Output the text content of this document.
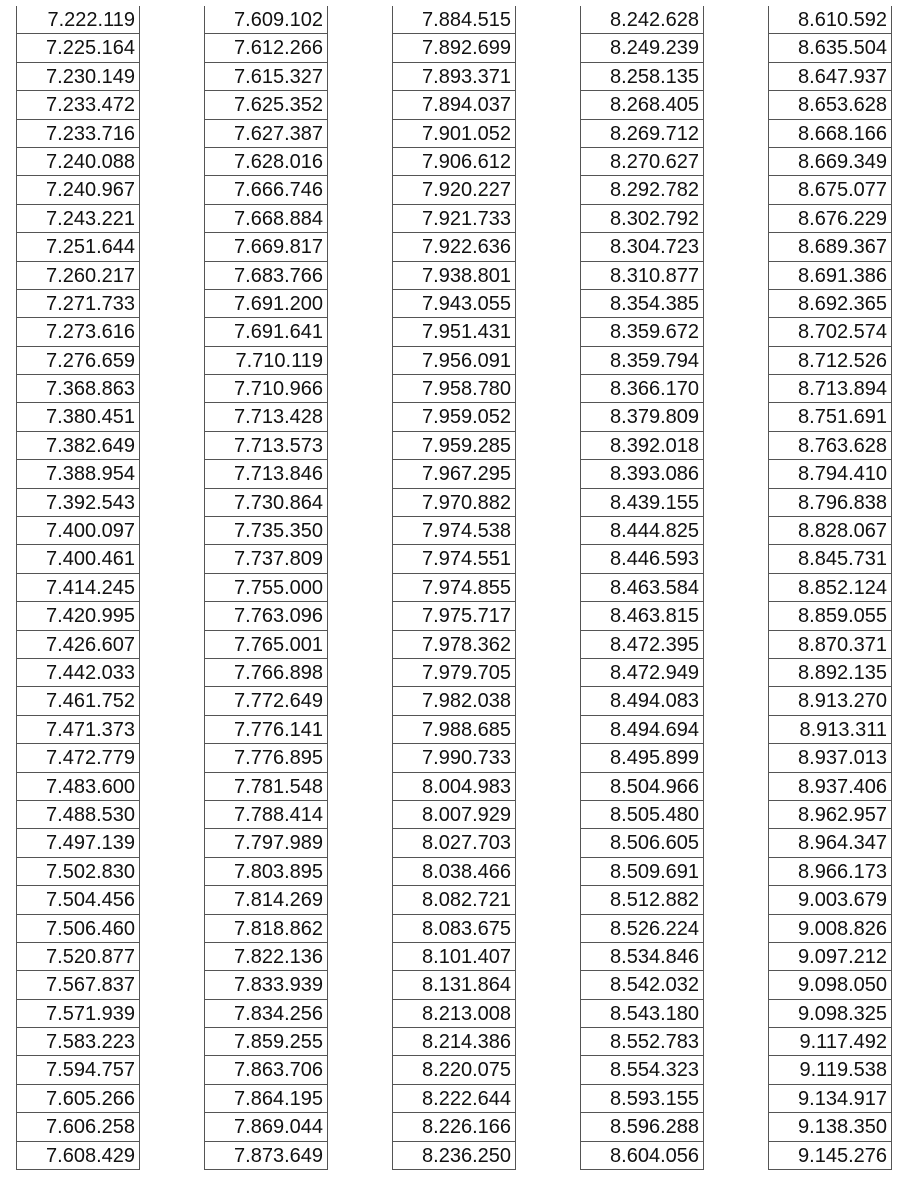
7.222.119
7.225.164
7.230.149
7.233.472
7.233.716
7.240.088
7.240.967
7.243.221
7.251.644
7.260.217
7.271.733
7.273.616
7.276.659
7.368.863
7.380.451
7.382.649
7.388.954
7.392.543
7.400.097
7.400.461
7.414.245
7.420.995
7.426.607
7.442.033
7.461.752
7.471.373
7.472.779
7.483.600
7.488.530
7.497.139
7.502.830
7.504.456
7.506.460
7.520.877
7.567.837
7.571.939
7.583.223
7.594.757
7.605.266
7.606.258
7.608.429
7.609.102
7.612.266
7.615.327
7.625.352
7.627.387
7.628.016
7.666.746
7.668.884
7.669.817
7.683.766
7.691.200
7.691.641
7.710.119
7.710.966
7.713.428
7.713.573
7.713.846
7.730.864
7.735.350
7.737.809
7.755.000
7.763.096
7.765.001
7.766.898
7.772.649
7.776.141
7.776.895
7.781.548
7.788.414
7.797.989
7.803.895
7.814.269
7.818.862
7.822.136
7.833.939
7.834.256
7.859.255
7.863.706
7.864.195
7.869.044
7.873.649
7.884.515
7.892.699
7.893.371
7.894.037
7.901.052
7.906.612
7.920.227
7.921.733
7.922.636
7.938.801
7.943.055
7.951.431
7.956.091
7.958.780
7.959.052
7.959.285
7.967.295
7.970.882
7.974.538
7.974.551
7.974.855
7.975.717
7.978.362
7.979.705
7.982.038
7.988.685
7.990.733
8.004.983
8.007.929
8.027.703
8.038.466
8.082.721
8.083.675
8.101.407
8.131.864
8.213.008
8.214.386
8.220.075
8.222.644
8.226.166
8.236.250
8.242.628
8.249.239
8.258.135
8.268.405
8.269.712
8.270.627
8.292.782
8.302.792
8.304.723
8.310.877
8.354.385
8.359.672
8.359.794
8.366.170
8.379.809
8.392.018
8.393.086
8.439.155
8.444.825
8.446.593
8.463.584
8.463.815
8.472.395
8.472.949
8.494.083
8.494.694
8.495.899
8.504.966
8.505.480
8.506.605
8.509.691
8.512.882
8.526.224
8.534.846
8.542.032
8.543.180
8.552.783
8.554.323
8.593.155
8.596.288
8.604.056
8.610.592
8.635.504
8.647.937
8.653.628
8.668.166
8.669.349
8.675.077
8.676.229
8.689.367
8.691.386
8.692.365
8.702.574
8.712.526
8.713.894
8.751.691
8.763.628
8.794.410
8.796.838
8.828.067
8.845.731
8.852.124
8.859.055
8.870.371
8.892.135
8.913.270
8.913.311
8.937.013
8.937.406
8.962.957
8.964.347
8.966.173
9.003.679
9.008.826
9.097.212
9.098.050
9.098.325
9.117.492
9.119.538
9.134.917
9.138.350
9.145.276
